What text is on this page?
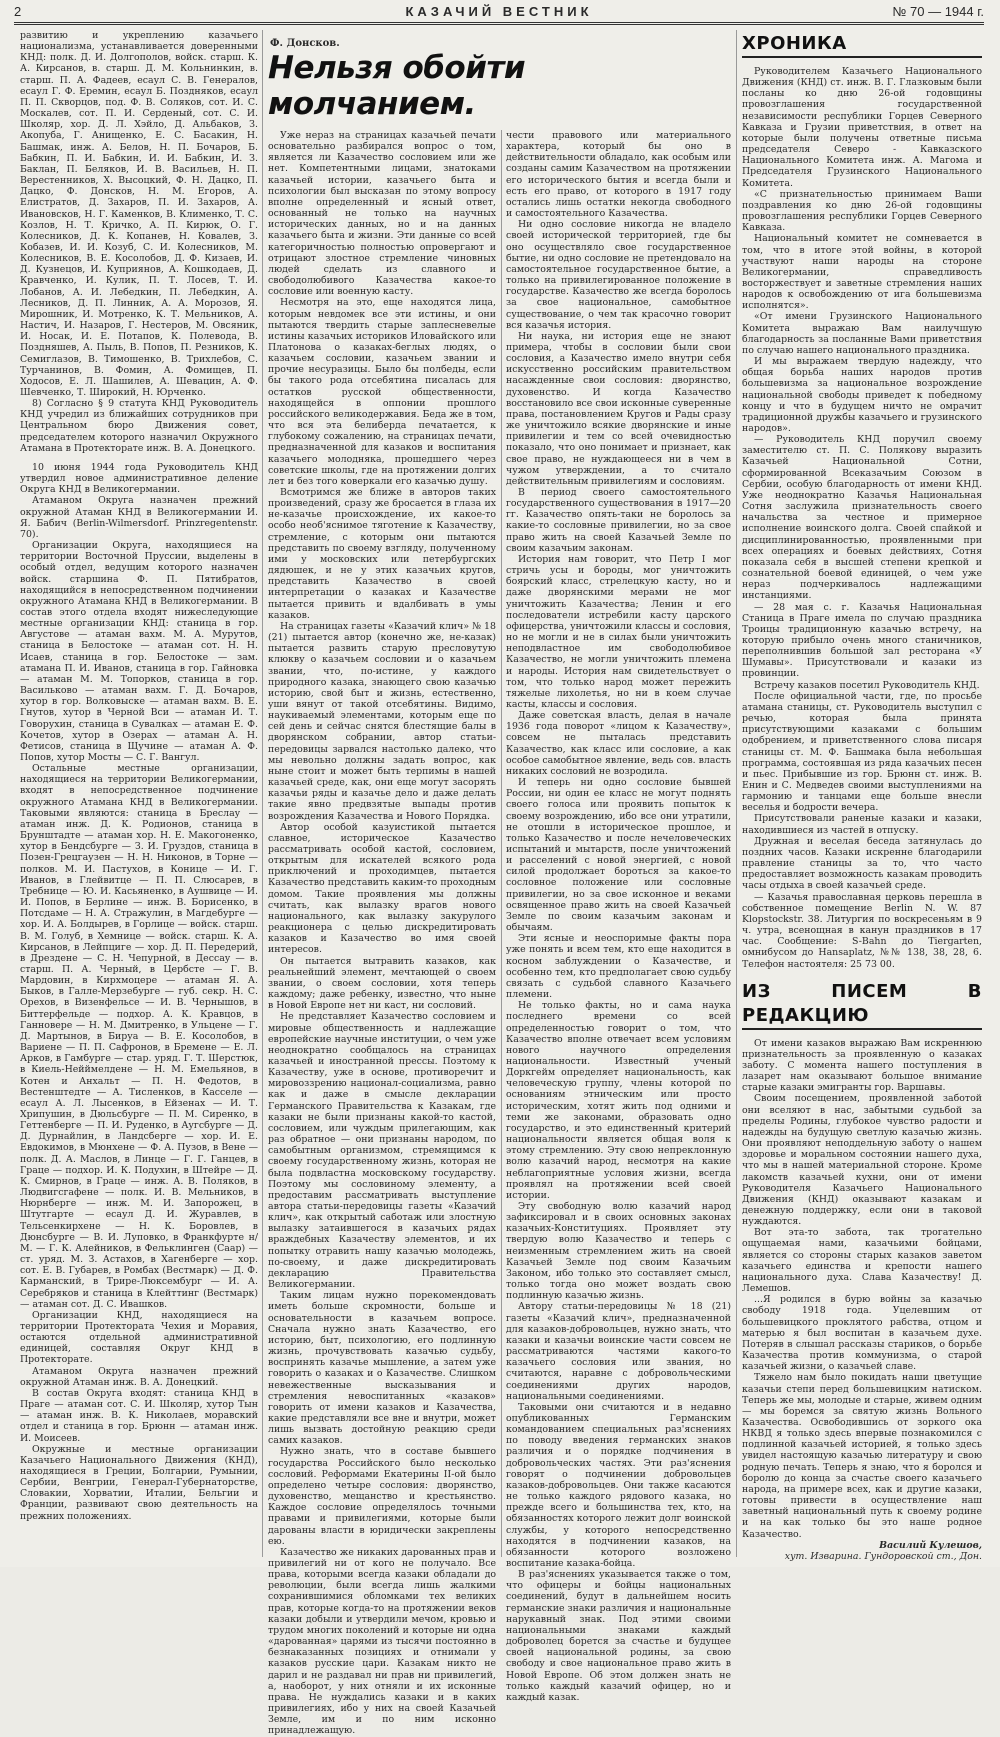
2	КАЗАЧИЙ ВЕСТНИК	№ 70 — 1944 г.

развитию и укреплению казачьего национализма, устанавливается доверенными КНД: полк. Д. И. Долгополов, войск. старш. К. А. Кирсанов, в. старш. Д. М. Кольнинкин, в. старш. П. А. Фадеев, есаул С. В. Генералов, есаул Г. Ф. Еремин, есаул Б. Поздняков, есаул П. П. Скворцов, под. Ф. В. Соляков, сот. И. С. Москалев, сот. П. И. Серденый, сот. С. И. Школяр, хор. Д. Л. Хэйло, Д. Альбаков, З. Акопуба, Г. Анищенко, Е. С. Басакин, Н. Башмак, инж. А. Белов, Н. П. Бочаров, Б. Бабкин, П. И. Бабкин, И. И. Бабкин, И. З. Баклан, П. Беляков, И. В. Васильев, Н. П. Верестенников, Х. Высоцкий, Ф. Н. Дацко, П. Дацко, Ф. Донсков, Н. М. Егоров, А. Елистратов, Д. Захаров, П. И. Захаров, А. Ивановсков, Н. Г. Каменков, В. Клименко, Т. С. Козлов, Н. Т. Кричко, А. П. Кирюк, О. Г. Колесников, Д. К. Копанев, Н. Ковалев, З. Кобазев, И. И. Козуб, С. И. Колесников, М. Колесников, В. Е. Косолобов, Д. Ф. Кизаев, И. Д. Кузнецов, И. Куприянов, А. Кошкодаев, Д. Кравченко, И. Кулик, П. Т. Лосев, Т. И. Лобанов, А. И. Лебедкин, П. Лебедкин, А. Лесников, Д. П. Линник, А. А. Морозов, Я. Мирошник, И. Мотренко, К. Т. Мельников, А. Настич, И. Назаров, Г. Нестеров, М. Овсяник, И. Носак, И. Е. Потапов, К. Полевода, В. Поздняшев, А. Пыль, В. Попов, П. Резников, К. Семиглазов, В. Тимошенко, В. Трихлебов, С. Турчанинов, В. Фомин, А. Фомищев, П. Ходосов, Е. Л. Шашилев, А. Шевацин, А. Ф. Шевченко, Т. Широкий, Н. Юрченко.

8) Согласно § 9 статута КНД Руководитель КНД учредил из ближайших сотрудников при Центральном бюро Движения совет, председателем которого назначил Окружного Атамана в Протекторате инж. В. А. Донецкого.

10 июня 1944 года Руководитель КНД утвердил новое административное деление Округа КНД в Великогермании.

Атаманом Округа назначен прежний окружной Атаман КНД в Великогермании И. Я. Бабич (Berlin-Wilmersdorf. Prinzregentenstr. 70).

Организации Округа, находящиеся на территории Восточной Пруссии, выделены в особый отдел, ведущим которого назначен войск. старшина Ф. П. Пятибратов, находящийся в непосредственном подчинении окружного Атамана КНД в Великогермании. В состав этого отдела входят нижеследующие местные организации КНД: станица в гор. Августове — атаман вахм. М. А. Мурутов, станица в Белостоке — атаман сот. Н. Н. Исаев, станица в гор. Белостоке — зам. атамана П. И. Иванов, станица в гор. Гайновка — атаман М. М. Топорков, станица в гор. Васильково — атаман вахм. Г. Д. Бочаров, хутор в гор. Волковыске — атаман вахм. В. Е. Гнутов, хутор в Черной Вси — атаман И. Т. Говорухин, станица в Сувалках — атаман Е. Ф. Кочетов, хутор в Озерах — атаман А. Н. Фетисов, станица в Щучине — атаман А. Ф. Попов, хутор Мосты — С. Г. Вангул.

Остальные местные организации, находящиеся на территории Великогермании, входят в непосредственное подчинение окружного Атамана КНД в Великогермании. Таковыми являются: станица в Бреслау — атаман инж. Д. К. Родионов, станица в Брунштадте — атаман хор. Н. Е. Макогоненко, хутор в Бендсбурге — З. И. Груздов, станица в Позен-Грецгаузен — Н. Н. Никонов, в Торне — полков. М. И. Пастухов, в Конице — И. Г. Иванов, в Глейвитце — П. П. Слюсарев, в Требнице — Ю. И. Касьяненко, в Аушвице — И. И. Попов, в Берлине — инж. В. Борисенко, в Потсдаме — Н. А. Стражулин, в Магдебурге — хор. И. А. Болдырев, в Горлице — войск. старш. В. М. Голуб, в Хемнице — войск. старш. К. А. Кирсанов, в Лейпциге — хор. Д. П. Передерий, в Дрездене — С. Н. Чепурной, в Дессау — в. старш. П. А. Черный, в Цербсте — Г. В. Мардовин, в Кирхмоцере — атаман Я. А. Быков, в Галле-Мерзебурге — губ. секр. Н. С. Орехов, в Визенфельсе — И. В. Чернышов, в Биттерфельде — подхор. А. К. Кравцов, в Ганновере — Н. М. Дмитренко, в Ульцене — Г. Д. Мартынов, в Бируа — В. Е. Косолобов, в Вариене — П. П. Сафронов, в Бремене — Е. Л. Арков, в Гамбурге — стар. уряд. Г. Т. Шерстюк, в Киель-Нейймелдене — Н. М. Емельянов, в Котен и Анхальт — П. Н. Федотов, в Вестенштедте — А. Тисленков, в Касселе — есаул А. Л. Лысенков, в Ейзенах — И. Т. Хрипушин, в Дюльсбурге — П. М. Сиренко, в Геттенберге — П. И. Руденко, в Аугсбурге — Д. Д. Дурнайлин, в Ландсберге — хор. И. Е. Евдокимов, в Мюнхене — Ф. А. Пузов, в Вене — полк. Д. А. Маслов, в Линце — Г. Г. Ганцев, в Граце — подхор. И. К. Подухин, в Штейре — Д. К. Смирнов, в Граце — инж. А. В. Поляков, в Людвигсгафене — полк. И. В. Мельников, в Нюрнберге — инж. М. И. Запорожец, в Штутгарте — есаул Д. И. Журавлев, в Тельсенкирхене — Н. К. Боровлев, в Дюнсбурге — В. И. Луповко, в Франкфурте н/М. — Г. К. Алейников, в Фельклинген (Саар) — ст. уряд. М. З. Астахов, в Хагенберге — хор. сот. Е. В. Губарев, в Ромбах (Вестмарк) — Д. Ф. Карманский, в Трире-Люксембург — И. А. Серебряков и станица в Клейттинг (Вестмарк) — атаман сот. Д. С. Ивашков.

Организации КНД, находящиеся на территории Протектората Чехия и Моравия, остаются отдельной административной единицей, составляя Округ КНД в Протекторате.

Атаманом Округа назначен прежний окружной Атаман инж. В. А. Донецкий.

В состав Округа входят: станица КНД в Праге — атаман сот. С. И. Школяр, хутор Тын — атаман инж. В. К. Николаев, моравский отдел и станица в гор. Брюнн — атаман инж. И. Моисеев.

Окружные и местные организации Казачьего Национального Движения (КНД), находящиеся в Греции, Болгарии, Румынии, Сербии, Венгрии, Генерал-Губернаторстве, Словакии, Хорватии, Италии, Бельгии и Франции, развивают свою деятельность на прежних положениях.

Ф. Донсков.
Нельзя обойти молчанием.

Уже неpаз на страницах казачьей печати основательно разбирался вопрос о том, является ли Казачество сословием или же нет. Компетентными лицами, знатоками казачьей истории, казачьего быта и психологии был высказан по этому вопросу вполне определенный и ясный ответ, основанный не только на научных исторических данных, но и на данных казачьего быта и жизни. Эти данные со всей категоричностью полностью опровергают и отрицают злостное стремление чиновных людей сделать из славного и свободолюбивого Казачества какое-то сословие или военную касту.

Несмотря на это, еще находятся лица, которым невдомек все эти истины, и они пытаются твердить старые заплесневелые истины казачьих историков Иловайского или Платонова о казаках-беглых людях, о казачьем сословии, казачьем звании и прочие несуразицы. Было бы полбеды, если бы такого рода отсебятина писалась для остатков русской общественности, находящейся в оппонии прошлого российского великодержавия. Беда же в том, что вся эта белиберда печатается, к глубокому сожалению, на страницах печати, предназначенной для казаков и воспитания казачьего молодняка, прошедшего через советские школы, где на протяжении долгих лет и без того коверкали его казачью душу.

Всмотримся же ближе в авторов таких произведений, сразу же бросается в глаза их не-казачье происхождение, их какое-то особо необ'яснимое тяготение к Казачеству, стремление, с которым они пытаются представить по своему взгляду, полученному ими у московских или петербургских дядюшек, и не у этих казачьих кругов, представить Казачество в своей интерпретации о казаках и Казачестве пытается привить и вдалбивать в умы казаков.

На страницах газеты «Казачий клич» № 18 (21) пытается автор (конечно же, не-казак) пытается развить старую пресловутую клюкву о казачьем сословии и о казачьем звании, что, по-истине, у каждого природного казака, знающего свою казачью историю, свой быт и жизнь, естественно, уши вянут от такой отсебятины. Видимо, наукиваемый элементами, которым еще по сей день и сейчас снятся блестящие балы в дворянском собрании, автор статьи-передовицы зарвался настолько далеко, что мы невольно должны задать вопрос, как ныне стоит и может быть терпимы в нашей казачьей среде, как, они еще могут засорять казачьи ряды и казачье дело и даже делать такие явно предвзятые выпады против возрождения Казачества и Нового Порядка.

Автор особой казуистикой пытается славное, историческое Казачество рассматривать особой кастой, сословием, открытым для искателей всякого рода приключений и проходимцев, пытается Казачество представить каким-то проходным домом. Такие проявления мы должны считать, как вылазку врагов нового национального, как вылазку закурулого реакционера с целью дискредитировать казаков и Казачество во имя своей интересов.

Он пытается вытравить казаков, как реальнейший элемент, мечтающей о своем звании, о своем сословии, хотя теперь каждому; даже ребенку, известно, что ныне в Новой Европе нет ни каст, ни сословий.

Не представляет Казачество сословием и мировые общественность и надлежащие европейские научные институции, о чем уже неоднократно сообщалось на страницах казачьей и иностранной прессы. Поэтому к Казачеству, уже в основе, противоречит и мировоззрению национал-социализма, равно как и даже в смысле декларации Германского Правительства к Казакам, где казаки не были признаны какой-то кастой, сословием, или чуждым прилегающим, как раз обратное — они признаны народом, по самобытным организмом, стремящимся к своему государственному жизнь, которая не была подвластна московскому государству. Поэтому мы сословиному элементу, а предоставим рассматривать выступление автора статьи-передовицы газеты «Казачий клич», как открытый саботаж или злостную вылазку затаившегося в казачьих рядах враждебных Казачеству элементов, и их попытку отравить нашу казачью молодежь, по-своему, и даже дискредитировать декларацию Правительства Великогермании.

Таким лицам нужно порекомендовать иметь больше скромности, больше и основательности в казачьем вопросе. Сначала нужно знать Казачество, его историю, быт, психологию, его подлинную жизнь, прочувствовать казачью судьбу, воспринять казачье мышление, а затем уже говорить о казаках и о Казачестве. Слишком невежественные высказывания и стремления невоспитанных «казаков» говорить от имени казаков и Казачества, какие представляли все вне и внутри, может лишь вызвать достойную реакцию среди самих казаков.

Нужно знать, что в составе бывшего государства Российского было несколько сословий. Реформами Екатерины II-ой было определено четыре сословия: дворянство, духовенство, мещанство и крестьянство. Каждое сословие определялось точными правами и привилегиями, которые были дарованы власти в юридически закреплены ею.

Казачество же никаких дарованных прав и привилегий ни от кого не получало. Все права, которыми всегда казаки обладали до революции, были всегда лишь жалкими сохранившимися обломками тех великих прав, которые когда-то на протяжении веков казаки добыли и утвердили мечом, кровью и трудом многих поколений и которые ни одна «дарованная» царями из тысячи постоянно в безнаказанных позициях и отнимали у казаков русские цари. Казакам никто не дарил и не раздавал ни прав ни привилегий, а, наоборот, у них отняли и их исконные права. Не нуждались казаки и в каких привилегиях, ибо у них на своей Казачьей Земле, им и по ним исконно принадлежащую.

чести правового или материального характера, который бы оно в действительности обладало, как особым или созданы самим Казачеством на протяжении его исторического бытия и всегда были и есть его право, от которого в 1917 году остались лишь остатки некогда свободного и самостоятельного Казачества.

Ни одно сословие никогда не владело своей исторической территорией, где бы оно осуществляло свое государственное бытие, ни одно сословие не претендовало на самостоятельное государственное бытие, а только на привилегированное положение в государстве. Казачество же всегда боролось за свое национальное, самобытное существование, о чем так красочно говорит вся казачья история.

Ни наука, ни история еще не знают примера, чтобы в сословии были свои сословия, а Казачество имело внутри себя искусственно российским правительством насажденные свои сословия: дворянство, духовенство. И когда Казачество восстановило все свои исконные суверенные права, постановлением Кругов и Рады сразу же уничтожило всякие дворянские и иные привилегии и тем со всей очевидностью показало, что оно понимает и признает, как свое право, не нуждающееся ни в чем в чужом утверждении, а то считало действительным привилегиям и сословиям.

В период своего самостоятельного государственного существования в 1917—20 гг. Казачество опять-таки не боролось за какие-то сословные привилегии, но за свое право жить на своей Казачьей Земле по своим казачьим законам.

История нам говорит, что Петр I мог стричь усы и бороды, мог уничтожить боярский класс, стрелецкую касту, но и даже дворянскими мерами не мог уничтожить Казачества; Ленин и его последователи истребили касту царского офицерства, уничтожили классы и сословия, но не могли и не в силах были уничтожить неподвластное им свободолюбивое Казачество, не могли уничтожить племена и народы. История нам свидетельствует о том, что только народ может пережить тяжелые лихолетья, но ни в коем случае касты, классы и сословия.

Даже советская власть, делая в начале 1936 года поворот «лицом к Казачеству», совсем не пыталась представить Казачество, как класс или сословие, а как особое самобытное явление, ведь сов. власть никаких сословий не возродила.

И теперь ни одно сословие бывшей России, ни один ее класс не могут поднять своего голоса или проявить попыток к своему возрождению, ибо все они утратили, не отошли в историческое прошлое, и только Казачество и после нечеловеческих испытаний и мытарств, после уничтожений и расселений с новой энергией, с новой силой продолжает бороться за какое-то сословное положение или сословные привилегии, но за свое исконное и веками освященное право жить на своей Казачьей Земле по своим казачьим законам и обычаям.

Эти ясные и неоспоримые факты пора уже понять и всем тем, кто еще находится в косном заблуждении о Казачестве, и особенно тем, кто предполагает свою судьбу связать с судьбой славного Казачьего племени.

Не только факты, но и сама наука последнего времени со всей определенностью говорит о том, что Казачество вполне отвечает всем условиям нового научного определения национальности. Известный ученый Доркгейм определяет национальность, как человеческую группу, члены которой по основаниям этническим или просто историческим, хотят жить под одними и теми же законами, образовать одно государство, и это единственный критерий национальности является общая воля к этому стремлению. Эту свою непреклонную волю казачий народ, несмотря на какие неблагоприятные условия жизни, всегда проявлял на протяжении всей своей истории.

Эту свободную волю казачий народ зафиксировал и в своих основных законах казачьих-Конституциях. Проявляет эту твердую волю Казачество и теперь с неизменным стремлением жить на своей Казачьей Земле под своим Казачьим Законом, ибо только это составляет смысл, только тогда оно может воздать свою подлинную казачью жизнь.

Автору статьи-передовицы № 18 (21) газеты «Казачий клич», предназначенной для казаков-добровольцев, нужно знать, что казаки и казачьи воинские части совсем не рассматриваются частями какого-то казачьего сословия или звания, но считаются, наравне с добровольческими соединениями других народов, национальными соединениями.

Таковыми они считаются и в недавно опубликованных Германским командованием специальных раз'яснениях по поводу введения германских знаков различия и о порядке подчинения в добровольческих частях. Эти раз'яснения говорят о подчинении добровольцев казаков-добровольцев. Они также касаются не только каждого рядового казака, но прежде всего и большинства тех, кто, на обязанностях которого лежит долг воинской службы, у которого непосредственно находятся в подчинении казаков, на обязанности которого возложено воспитание казака-бойца.

В раз'яснениях указывается также о том, что офицеры и бойцы национальных соединений, будут в дальнейшем носить германские знаки различия и национальные нарукавный знак. Под этими своими национальными знаками каждый доброволец борется за счастье и будущее своей национальной родины, за свою свободу и свое национальное право жить в Новой Европе. Об этом должен знать не только каждый казачий офицер, но и каждый казак.

ХРОНИКА

Руководителем Казачьего Национального Движения (КНД) ст. инж. В. Г. Глазковым были посланы ко дню 26-ой годовщины провозглашения государственной независимости республики Горцев Северного Кавказа и Грузии приветствия, в ответ на которые были получены ответные письма председателя Северо - Кавказского Национального Комитета инж. А. Магома и Председателя Грузинского Национального Комитета.

«С признательностью принимаем Ваши поздравления ко дню 26-ой годовщины провозглашения республики Горцев Северного Кавказа.

Национальный комитет не сомневается в том, что в итоге этой войны, в которой участвуют наши народы на стороне Великогермании, справедливость восторжествует и заветные стремления наших народов к освобождению от ига большевизма исполнятся».

«От имени Грузинского Национального Комитета выражаю Вам наилучшую благодарность за посланные Вами приветствия по случаю нашего национального праздника.

И мы выражаем твердую надежду, что общая борьба наших народов против большевизма за национальное возрождение национальной свободы приведет к победному концу и что в будущем ничто не омрачит традиционной дружбы казачьего и грузинского народов».

— Руководитель КНД поручил своему заместителю ст. П. С. Полякову выразить Казачьей Национальной Сотни, сформированной Всеказачьим Союзом в Сербии, особую благодарность от имени КНД. Уже неоднократно Казачья Национальная Сотня заслужила признательность своего начальства за честное и примерное исполнение воинского долга. Своей спайкой и дисциплинированностью, проявленными при всех операциях и боевых действиях, Сотня показала себя в высшей степени крепкой и сознательной боевой единицей, о чем уже неpаз подчеркивалось надлежащими инстанциями.

— 28 мая с. г. Казачья Национальная Станица в Праге имела по случаю праздника Троицы традиционную казачью встречу, на которую прибыло очень много станичников, переполнившив большой зал ресторана «У Шумавы». Присутствовали и казаки из провинции.

Встречу казаков посетил Руководитель КНД.

После официальной части, где, по просьбе атамана станицы, ст. Руководитель выступил с речью, которая была принята присутствующими казаками с большим одобрением, и приветственного слова писаря станицы ст. М. Ф. Башмака была небольшая программа, состоявшая из ряда казачьих песен и пьес. Прибывшие из гор. Брюнн ст. инж. В. Енин и С. Медведев своими выступлениями на гармонию и танцами еще больше внесли веселья и бодрости вечера.

Присутствовали раненые казаки и казаки, находившиеся из частей в отпуску.

Дружная и веселая беседа затянулась до поздних часов. Казаки искренне благодарили правление станицы за то, что часто предоставляет возможность казакам проводить часы отдыха в своей казачьей среде.

— Казачья православная церковь перешла в собственное помещение Berlin N. W. 87 Klopstockstr. 38. Литургия по воскресеньям в 9 ч. утра, всенощная в канун праздников в 17 час. Сообщение: S-Bahn до Tiergarten, омнибусом до Hansaplatz, №№ 138, 38, 28, 6. Телефон настоятеля: 25 73 00.

ИЗ ПИСЕМ В РЕДАКЦИЮ

От имени казаков выражаю Вам искреннюю признательность за проявленную о казаках заботу. С момента нашего поступления в лазарет нам оказывают большое внимание старые казаки эмигранты гор. Варшавы.

Своим посещением, проявленной заботой они вселяют в нас, забытыми судьбой за пределы Родины, глубокое чувство радости и надежды на будущую светлую казачью жизнь. Они проявляют неподдельную заботу о нашем здоровье и моральном состоянии нашего духа, что мы в нашей материальной стороне. Кроме лакомств казачьей кухни, они от имени Руководителя Казачьего Национального Движения (КНД) оказывают казакам и денежную поддержку, если они в таковой нуждаются.

Вот эта-то забота, так трогательно ощущаемая нами, казачьими бойцами, является со стороны старых казаков заветом казачьего единства и крепости нашего национального духа. Слава Казачеству! Д. Лемешов.

...Я родился в бурю войны за казачью свободу 1918 года. Уцелевшим от большевицкого проклятого рабства, отцом и матерью я был воспитан в казачьем духе. Потеряв в слышал рассказы стариков, о борьбе Казачества против коммунизма, о старой казачьей жизни, о казачьей славе.

Тяжело нам было покидать наши цветущие казачьи степи перед большевицким натиском. Теперь же мы, молодые и старые, живем одним — мы боремся за святую жизнь Вольного Казачества. Освободившись от зоркого ока НКВД я только здесь впервые познакомился с подлинной казачьей историей, я только здесь увидел настоящую казачью литературу и свою родную печать. Теперь я знаю, что я боролся и боролю до конца за счастье своего казачьего народа, на примере всех, как и другие казаки, готовы привести в осуществление наш заветный национальный путь к своему родине и на как только бы это наше родное Казачество.

Василий Кулешов,

хут. Изварина. Гундоровской ст., Дон.
